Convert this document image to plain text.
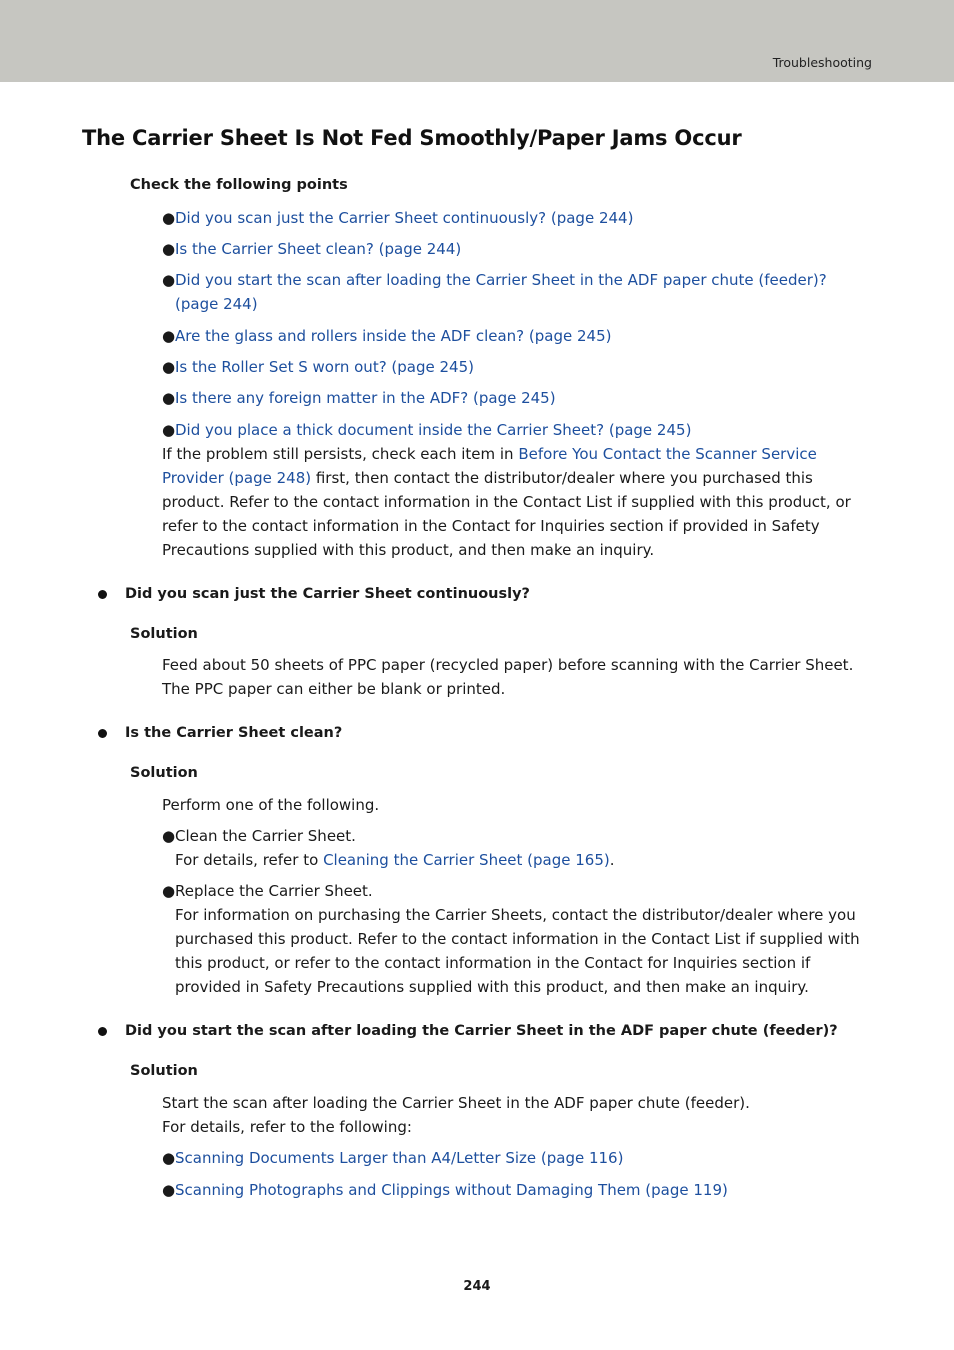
Troubleshooting
The Carrier Sheet Is Not Fed Smoothly/Paper Jams Occur
Check the following points
● Did you scan just the Carrier Sheet continuously? (page 244)
● Is the Carrier Sheet clean? (page 244)
● Did you start the scan after loading the Carrier Sheet in the ADF paper chute (feeder)? (page 244)
● Are the glass and rollers inside the ADF clean? (page 245)
● Is the Roller Set S worn out? (page 245)
● Is there any foreign matter in the ADF? (page 245)
● Did you place a thick document inside the Carrier Sheet? (page 245)
If the problem still persists, check each item in Before You Contact the Scanner Service Provider (page 248) first, then contact the distributor/dealer where you purchased this product. Refer to the contact information in the Contact List if supplied with this product, or refer to the contact information in the Contact for Inquiries section if provided in Safety Precautions supplied with this product, and then make an inquiry.
Did you scan just the Carrier Sheet continuously?
Solution
Feed about 50 sheets of PPC paper (recycled paper) before scanning with the Carrier Sheet. The PPC paper can either be blank or printed.
Is the Carrier Sheet clean?
Solution
Perform one of the following.
● Clean the Carrier Sheet.
For details, refer to Cleaning the Carrier Sheet (page 165).
● Replace the Carrier Sheet.
For information on purchasing the Carrier Sheets, contact the distributor/dealer where you purchased this product. Refer to the contact information in the Contact List if supplied with this product, or refer to the contact information in the Contact for Inquiries section if provided in Safety Precautions supplied with this product, and then make an inquiry.
Did you start the scan after loading the Carrier Sheet in the ADF paper chute (feeder)?
Solution
Start the scan after loading the Carrier Sheet in the ADF paper chute (feeder).
For details, refer to the following:
● Scanning Documents Larger than A4/Letter Size (page 116)
● Scanning Photographs and Clippings without Damaging Them (page 119)
244
